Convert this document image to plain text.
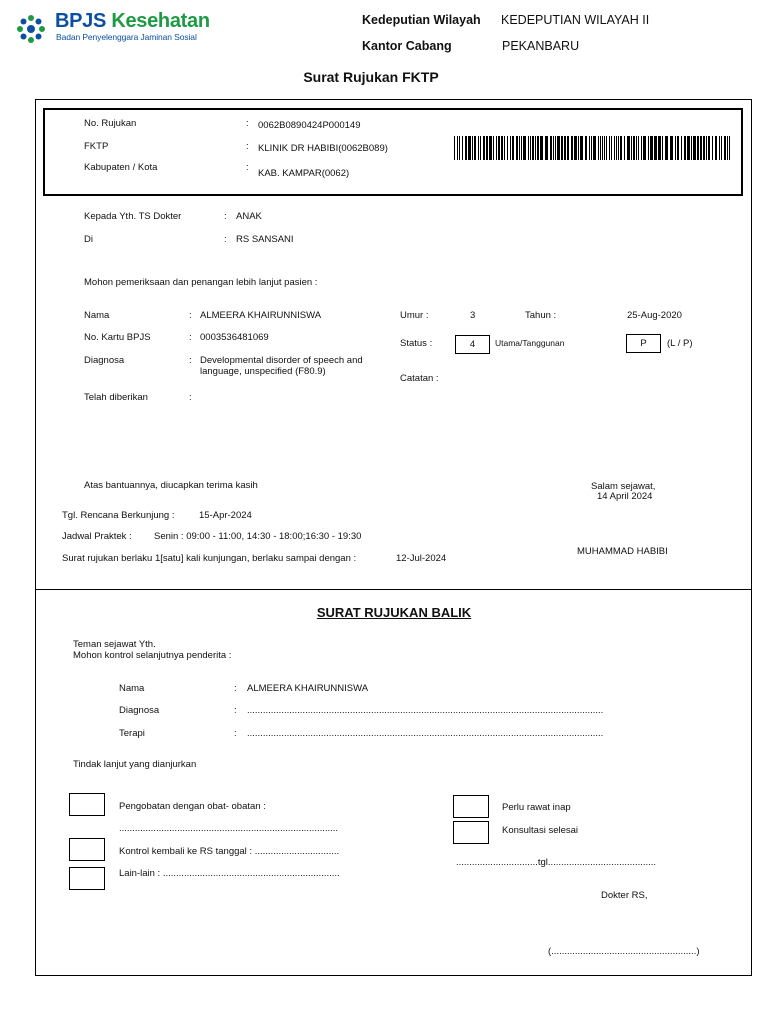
BPJS Kesehatan
Badan Penyelenggara Jaminan Sosial
Kedeputian Wilayah KEDEPUTIAN WILAYAH II
Kantor Cabang	PEKANBARU
Surat Rujukan FKTP
No. Rujukan	: 0062B0890424P000149
FKTP	: KLINIK DR HABIBI(0062B089)
Kabupaten / Kota	:
KAB. KAMPAR(0062)
Kepada Yth. TS Dokter	: ANAK
Di	: RS SANSANI
Mohon pemeriksaan dan penangan lebih lanjut pasien :
Nama	: ALMEERA KHAIRUNNISWA
No. Kartu BPJS	: 0003536481069
Diagnosa	: Developmental disorder of speech and
language, unspecified (F80.9)
Telah diberikan	:
Umur :	3	Tahun :	25-Aug-2020
Status :	4	Utama/Tanggunan	P	(L / P)
Catatan :
Atas bantuannya, diucapkan terima kasih	Salam sejawat,
14 April 2024
Tgl. Rencana Berkunjung :	15-Apr-2024
Jadwal Praktek : Senin : 09:00 - 11:00, 14:30 - 18:00;16:30 - 19:30
Surat rujukan berlaku 1[satu] kali kunjungan, berlaku sampai dengan :	12-Jul-2024
MUHAMMAD HABIBI
SURAT RUJUKAN BALIK
Teman sejawat Yth.
Mohon kontrol selanjutnya penderita :
Nama	: ALMEERA KHAIRUNNISWA
Diagnosa	: .......................................................................................................................................
Terapi	: .......................................................................................................................................
Tindak lanjut yang dianjurkan
Pengobatan dengan obat- obatan :
...................................................................................
Kontrol kembali ke RS tanggal : ................................
Lain-lain : ...................................................................
Perlu rawat inap
Konsultasi selesai
...............................tgl.........................................
Dokter RS,
(.......................................................)
